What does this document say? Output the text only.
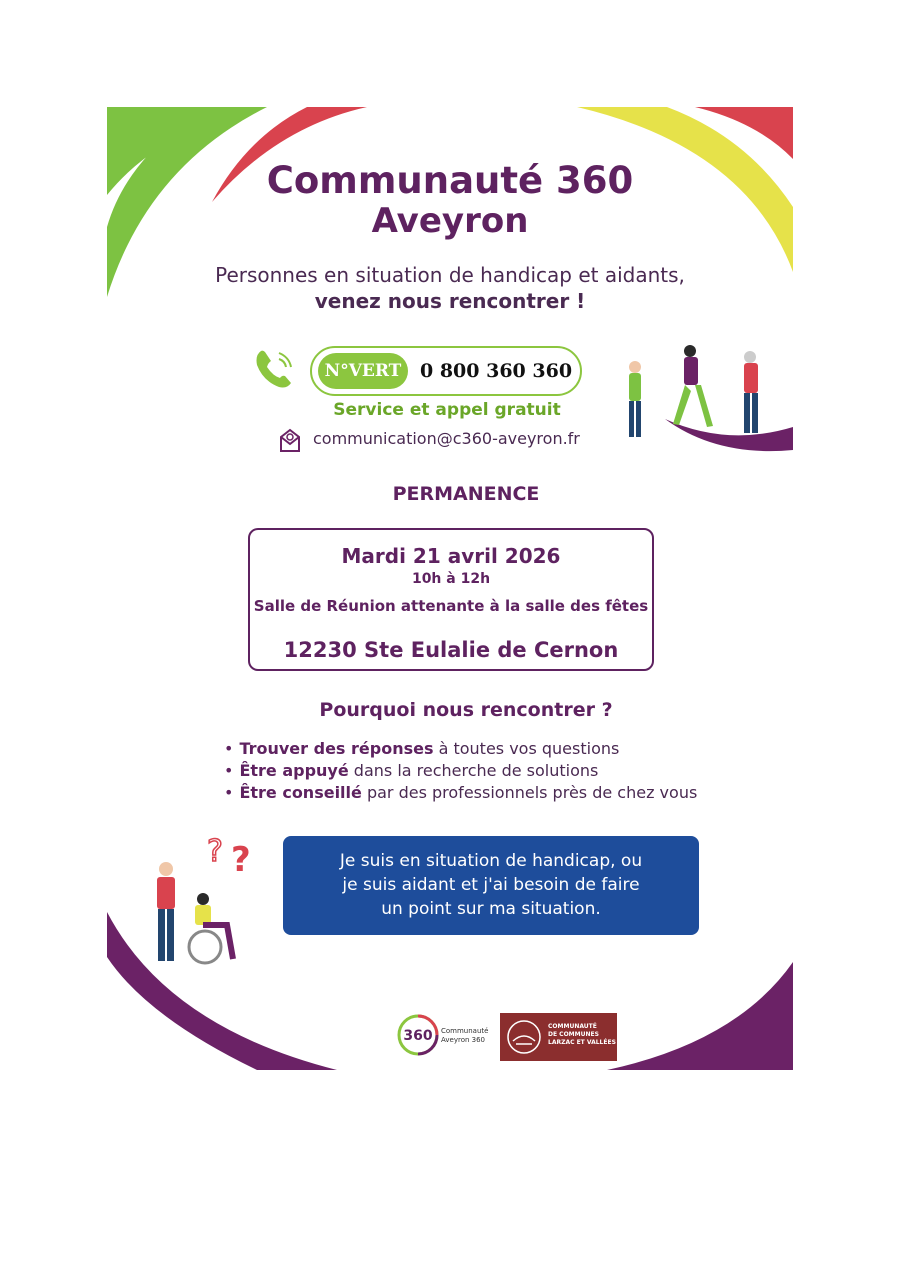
Communauté 360
Aveyron
Personnes en situation de handicap et aidants,
venez nous rencontrer !
N°VERT 0 800 360 360
Service et appel gratuit
communication@c360-aveyron.fr
PERMANENCE
Mardi 21 avril 2026
10h à 12h
Salle de Réunion attenante à la salle des fêtes
12230 Ste Eulalie de Cernon
Pourquoi nous rencontrer ?
• Trouver des réponses à toutes vos questions
• Être appuyé dans la recherche de solutions
• Être conseillé par des professionnels près de chez vous
? ?	Je suis en situation de handicap, ou
je suis aidant et j'ai besoin de faire
un point sur ma situation.
360 Communauté
Aveyron 360
COMMUNAUTÉ
DE COMMUNES
LARZAC ET VALLÉES
